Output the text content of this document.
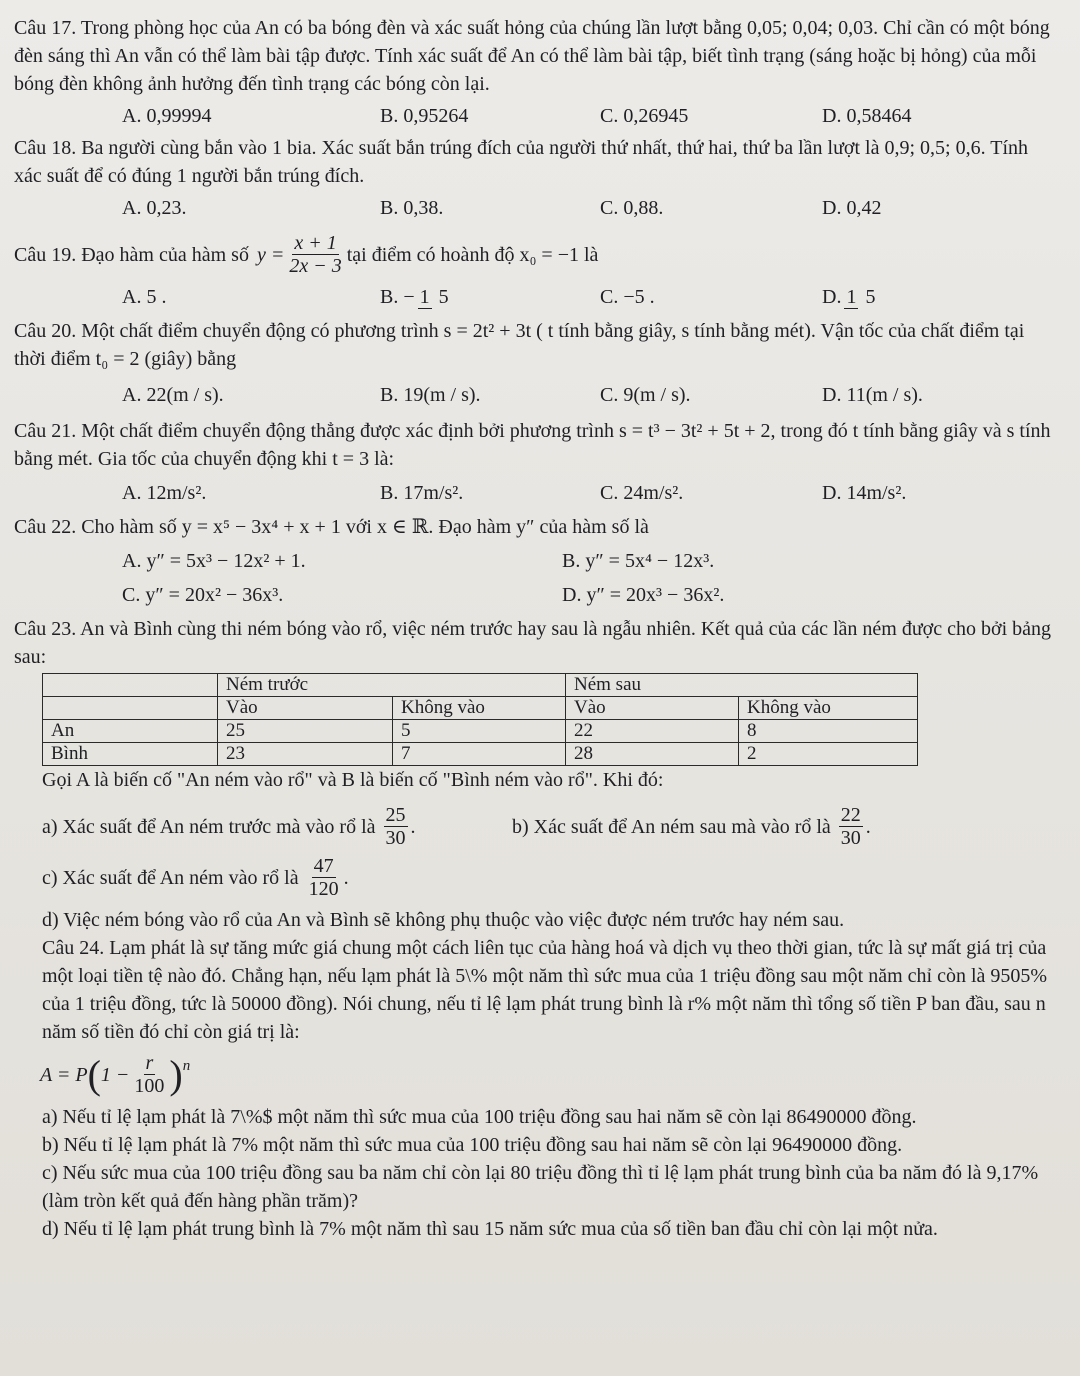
Câu 17. Trong phòng học của An có ba bóng đèn và xác suất hỏng của chúng lần lượt bằng 0,05; 0,04; 0,03. Chỉ cần có một bóng đèn sáng thì An vẫn có thể làm bài tập được. Tính xác suất để An có thể làm bài tập, biết tình trạng (sáng hoặc bị hỏng) của mỗi bóng đèn không ảnh hưởng đến tình trạng các bóng còn lại.

A. 0,99994	B. 0,95264	C. 0,26945	D. 0,58464

Câu 18. Ba người cùng bắn vào 1 bia. Xác suất bắn trúng đích của người thứ nhất, thứ hai, thứ ba lần lượt là 0,9; 0,5; 0,6. Tính xác suất để có đúng 1 người bắn trúng đích.

A. 0,23.	B. 0,38.	C. 0,88.	D. 0,42

Câu 19. Đạo hàm của hàm số $y = \frac{x + 1}{2x - 3}$ tại điểm có hoành độ x₀ = −1 là

A. 5 .	B. − 1 5	C. −5 .	D. 1 5

Câu 20. Một chất điểm chuyển động có phương trình s = 2t² + 3t ( t tính bằng giây, s tính bằng mét). Vận tốc của chất điểm tại thời điểm t₀ = 2 (giây) bằng

A. 22(m / s).	B. 19(m / s).	C. 9(m / s).	D. 11(m / s).

Câu 21. Một chất điểm chuyển động thẳng được xác định bởi phương trình s = t³ − 3t² + 5t + 2, trong đó t tính bằng giây và s tính bằng mét. Gia tốc của chuyển động khi t = 3 là:

A. 12m/s².	B. 17m/s².	C. 24m/s².	D. 14m/s².

Câu 22. Cho hàm số y = x⁵ − 3x⁴ + x + 1 với x ∈ ℝ. Đạo hàm y″ của hàm số là

A. y″ = 5x³ − 12x² + 1.	B. y″ = 5x⁴ − 12x³.
C. y″ = 20x² − 36x³.	D. y″ = 20x³ − 36x².

Câu 23. An và Bình cùng thi ném bóng vào rổ, việc ném trước hay sau là ngẫu nhiên. Kết quả của các lần ném được cho bởi bảng sau:

	Ném trước		Ném sau	
	Vào	Không vào	Vào	Không vào
An	25	5	22	8
Bình	23	7	28	2

Gọi A là biến cố "An ném vào rổ" và B là biến cố "Bình ném vào rổ". Khi đó:

a) Xác suất để An ném trước mà vào rổ là $\frac{25}{30}$ .	b) Xác suất để An ném sau mà vào rổ là $\frac{22}{30}$ .
c) Xác suất để An ném vào rổ là $\frac{47}{120}$ .

d) Việc ném bóng vào rổ của An và Bình sẽ không phụ thuộc vào việc được ném trước hay ném sau.

Câu 24. Lạm phát là sự tăng mức giá chung một cách liên tục của hàng hoá và dịch vụ theo thời gian, tức là sự mất giá trị của một loại tiền tệ nào đó. Chẳng hạn, nếu lạm phát là 5\% một năm thì sức mua của 1 triệu đồng sau một năm chỉ còn là 9505% của 1 triệu đồng, tức là 50000 đồng). Nói chung, nếu tỉ lệ lạm phát trung bình là r% một năm thì tổng số tiền P ban đầu, sau n năm số tiền đó chỉ còn giá trị là:

A = P ( $1 - \frac{r}{100} )^n$

a) Nếu tỉ lệ lạm phát là 7\%$ một năm thì sức mua của 100 triệu đồng sau hai năm sẽ còn lại 86490000 đồng.

b) Nếu tỉ lệ lạm phát là 7% một năm thì sức mua của 100 triệu đồng sau hai năm sẽ còn lại 96490000 đồng.

c) Nếu sức mua của 100 triệu đồng sau ba năm chỉ còn lại 80 triệu đồng thì tỉ lệ lạm phát trung bình của ba năm đó là 9,17% (làm tròn kết quả đến hàng phần trăm)?

d) Nếu tỉ lệ lạm phát trung bình là 7% một năm thì sau 15 năm sức mua của số tiền ban đầu chỉ còn lại một nửa.
